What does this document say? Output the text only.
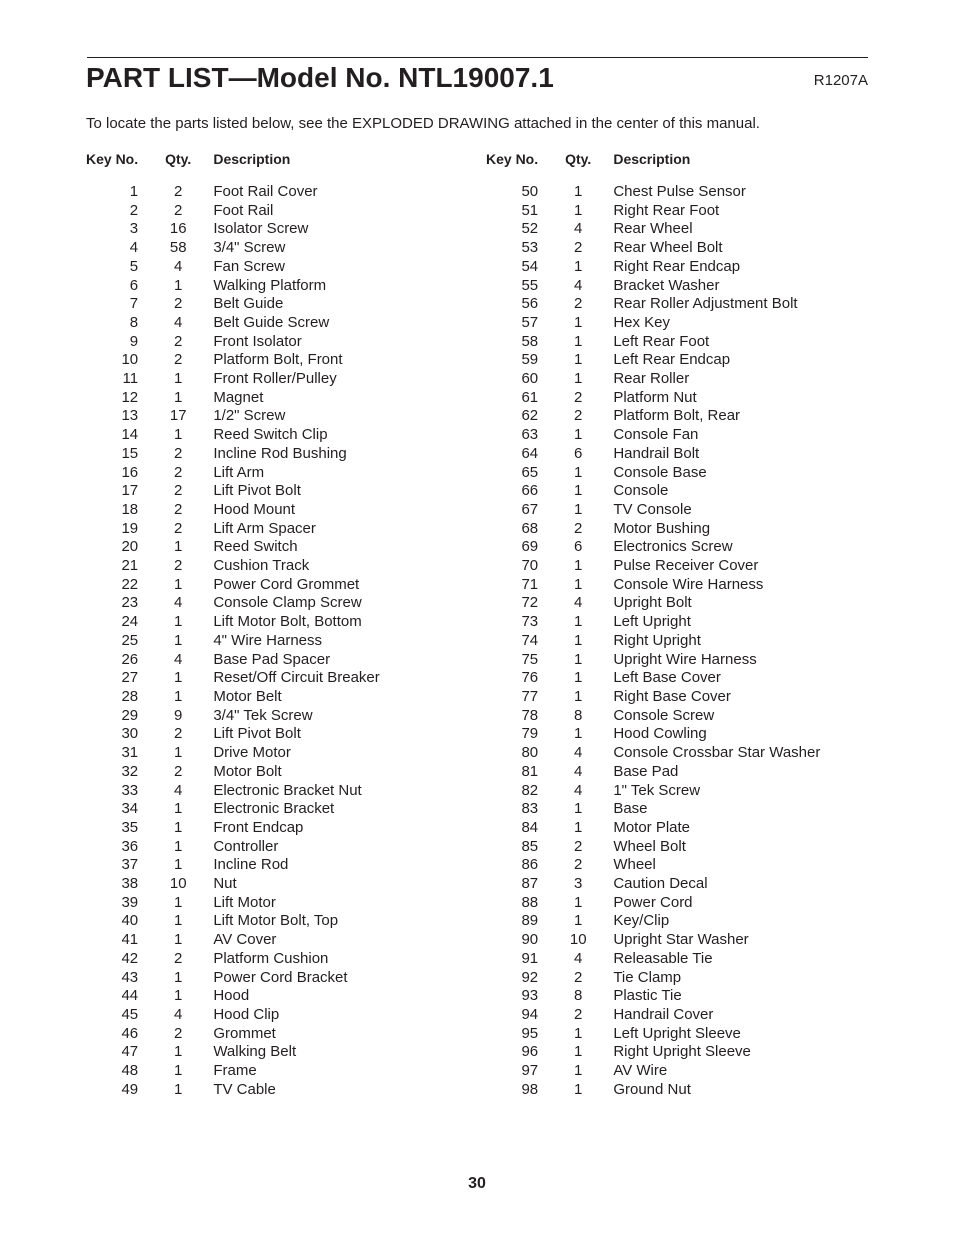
PART LIST—Model No. NTL19007.1	R1207A
To locate the parts listed below, see the EXPLODED DRAWING attached in the center of this manual.
Key No.		Qty.		Description
1		2		Foot Rail Cover
2		2		Foot Rail
3		16		Isolator Screw
4		58		3/4" Screw
5		4		Fan Screw
6		1		Walking Platform
7		2		Belt Guide
8		4		Belt Guide Screw
9		2		Front Isolator
10		2		Platform Bolt, Front
11		1		Front Roller/Pulley
12		1		Magnet
13		17		1/2" Screw
14		1		Reed Switch Clip
15		2		Incline Rod Bushing
16		2		Lift Arm
17		2		Lift Pivot Bolt
18		2		Hood Mount
19		2		Lift Arm Spacer
20		1		Reed Switch
21		2		Cushion Track
22		1		Power Cord Grommet
23		4		Console Clamp Screw
24		1		Lift Motor Bolt, Bottom
25		1		4" Wire Harness
26		4		Base Pad Spacer
27		1		Reset/Off Circuit Breaker
28		1		Motor Belt
29		9		3/4" Tek Screw
30		2		Lift Pivot Bolt
31		1		Drive Motor
32		2		Motor Bolt
33		4		Electronic Bracket Nut
34		1		Electronic Bracket
35		1		Front Endcap
36		1		Controller
37		1		Incline Rod
38		10		Nut
39		1		Lift Motor
40		1		Lift Motor Bolt, Top
41		1		AV Cover
42		2		Platform Cushion
43		1		Power Cord Bracket
44		1		Hood
45		4		Hood Clip
46		2		Grommet
47		1		Walking Belt
48		1		Frame
49		1		TV Cable
Key No.		Qty.		Description
50		1		Chest Pulse Sensor
51		1		Right Rear Foot
52		4		Rear Wheel
53		2		Rear Wheel Bolt
54		1		Right Rear Endcap
55		4		Bracket Washer
56		2		Rear Roller Adjustment Bolt
57		1		Hex Key
58		1		Left Rear Foot
59		1		Left Rear Endcap
60		1		Rear Roller
61		2		Platform Nut
62		2		Platform Bolt, Rear
63		1		Console Fan
64		6		Handrail Bolt
65		1		Console Base
66		1		Console
67		1		TV Console
68		2		Motor Bushing
69		6		Electronics Screw
70		1		Pulse Receiver Cover
71		1		Console Wire Harness
72		4		Upright Bolt
73		1		Left Upright
74		1		Right Upright
75		1		Upright Wire Harness
76		1		Left Base Cover
77		1		Right Base Cover
78		8		Console Screw
79		1		Hood Cowling
80		4		Console Crossbar Star Washer
81		4		Base Pad
82		4		1" Tek Screw
83		1		Base
84		1		Motor Plate
85		2		Wheel Bolt
86		2		Wheel
87		3		Caution Decal
88		1		Power Cord
89		1		Key/Clip
90		10		Upright Star Washer
91		4		Releasable Tie
92		2		Tie Clamp
93		8		Plastic Tie
94		2		Handrail Cover
95		1		Left Upright Sleeve
96		1		Right Upright Sleeve
97		1		AV Wire
98		1		Ground Nut
30
